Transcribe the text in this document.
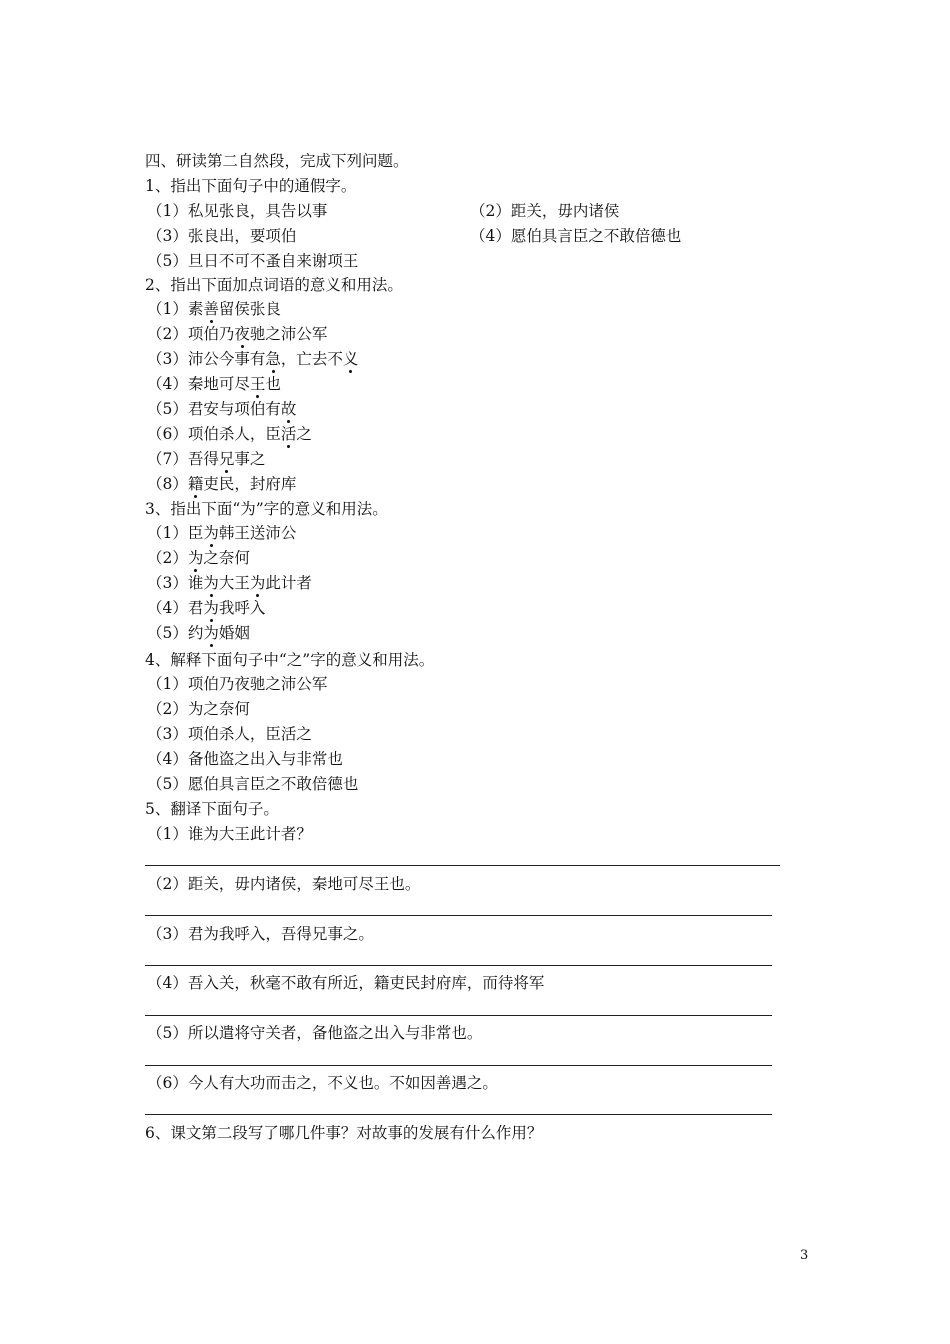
四、研读第二自然段，完成下列问题。
1、指出下面句子中的通假字。
（1）私见张良，具告以事	（2）距关，毋内诸侯
（3）张良出，要项伯	（4）愿伯具言臣之不敢倍德也
（5）旦日不可不蚤自来谢项王
2、指出下面加点词语的意义和用法。
（1）素善留侯张良
（2）项伯乃夜驰之沛公军
（3）沛公今事有急，亡去不义
（4）秦地可尽王也
（5）君安与项伯有故
（6）项伯杀人，臣活之
（7）吾得兄事之
（8）籍吏民，封府库
3、指出下面“为”字的意义和用法。
（1）臣为韩王送沛公
（2）为之奈何
（3）谁为大王为此计者
（4）君为我呼入
（5）约为婚姻
4、解释下面句子中“之”字的意义和用法。
（1）项伯乃夜驰之沛公军
（2）为之奈何
（3）项伯杀人，臣活之
（4）备他盗之出入与非常也
（5）愿伯具言臣之不敢倍德也
5、翻译下面句子。
（1）谁为大王此计者？
（2）距关，毋内诸侯，秦地可尽王也。
（3）君为我呼入，吾得兄事之。
（4）吾入关，秋毫不敢有所近，籍吏民封府库，而待将军
（5）所以遣将守关者，备他盗之出入与非常也。
（6）今人有大功而击之，不义也。不如因善遇之。
6、课文第二段写了哪几件事？对故事的发展有什么作用？
3
